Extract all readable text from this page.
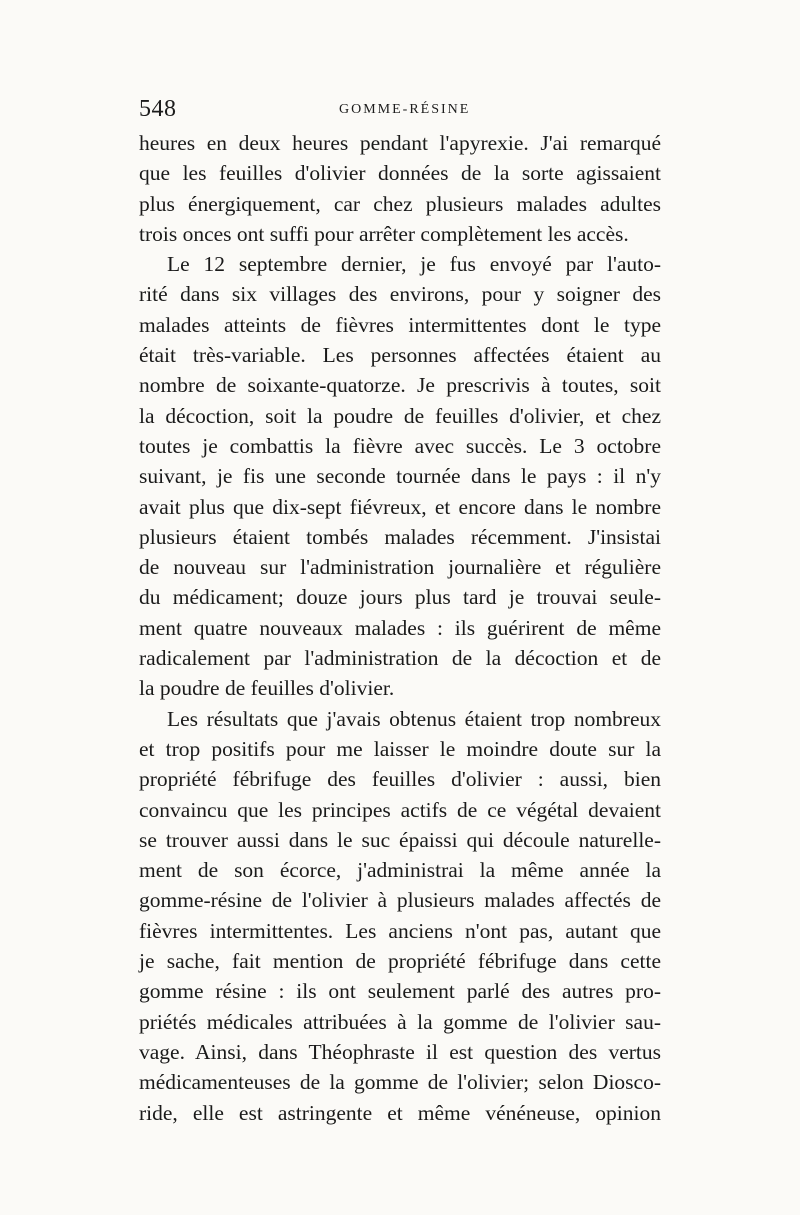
548	GOMME-RÉSINE
heures en deux heures pendant l'apyrexie. J'ai remarqué
que les feuilles d'olivier données de la sorte agissaient
plus énergiquement, car chez plusieurs malades adultes
trois onces ont suffi pour arrêter complètement les accès.
Le 12 septembre dernier, je fus envoyé par l'auto-
rité dans six villages des environs, pour y soigner des
malades atteints de fièvres intermittentes dont le type
était très-variable. Les personnes affectées étaient au
nombre de soixante-quatorze. Je prescrivis à toutes, soit
la décoction, soit la poudre de feuilles d'olivier, et chez
toutes je combattis la fièvre avec succès. Le 3 octobre
suivant, je fis une seconde tournée dans le pays : il n'y
avait plus que dix-sept fiévreux, et encore dans le nombre
plusieurs étaient tombés malades récemment. J'insistai
de nouveau sur l'administration journalière et régulière
du médicament; douze jours plus tard je trouvai seule-
ment quatre nouveaux malades : ils guérirent de même
radicalement par l'administration de la décoction et de
la poudre de feuilles d'olivier.
Les résultats que j'avais obtenus étaient trop nombreux
et trop positifs pour me laisser le moindre doute sur la
propriété fébrifuge des feuilles d'olivier : aussi, bien
convaincu que les principes actifs de ce végétal devaient
se trouver aussi dans le suc épaissi qui découle naturelle-
ment de son écorce, j'administrai la même année la
gomme-résine de l'olivier à plusieurs malades affectés de
fièvres intermittentes. Les anciens n'ont pas, autant que
je sache, fait mention de propriété fébrifuge dans cette
gomme résine : ils ont seulement parlé des autres pro-
priétés médicales attribuées à la gomme de l'olivier sau-
vage. Ainsi, dans Théophraste il est question des vertus
médicamenteuses de la gomme de l'olivier; selon Diosco-
ride, elle est astringente et même vénéneuse, opinion
